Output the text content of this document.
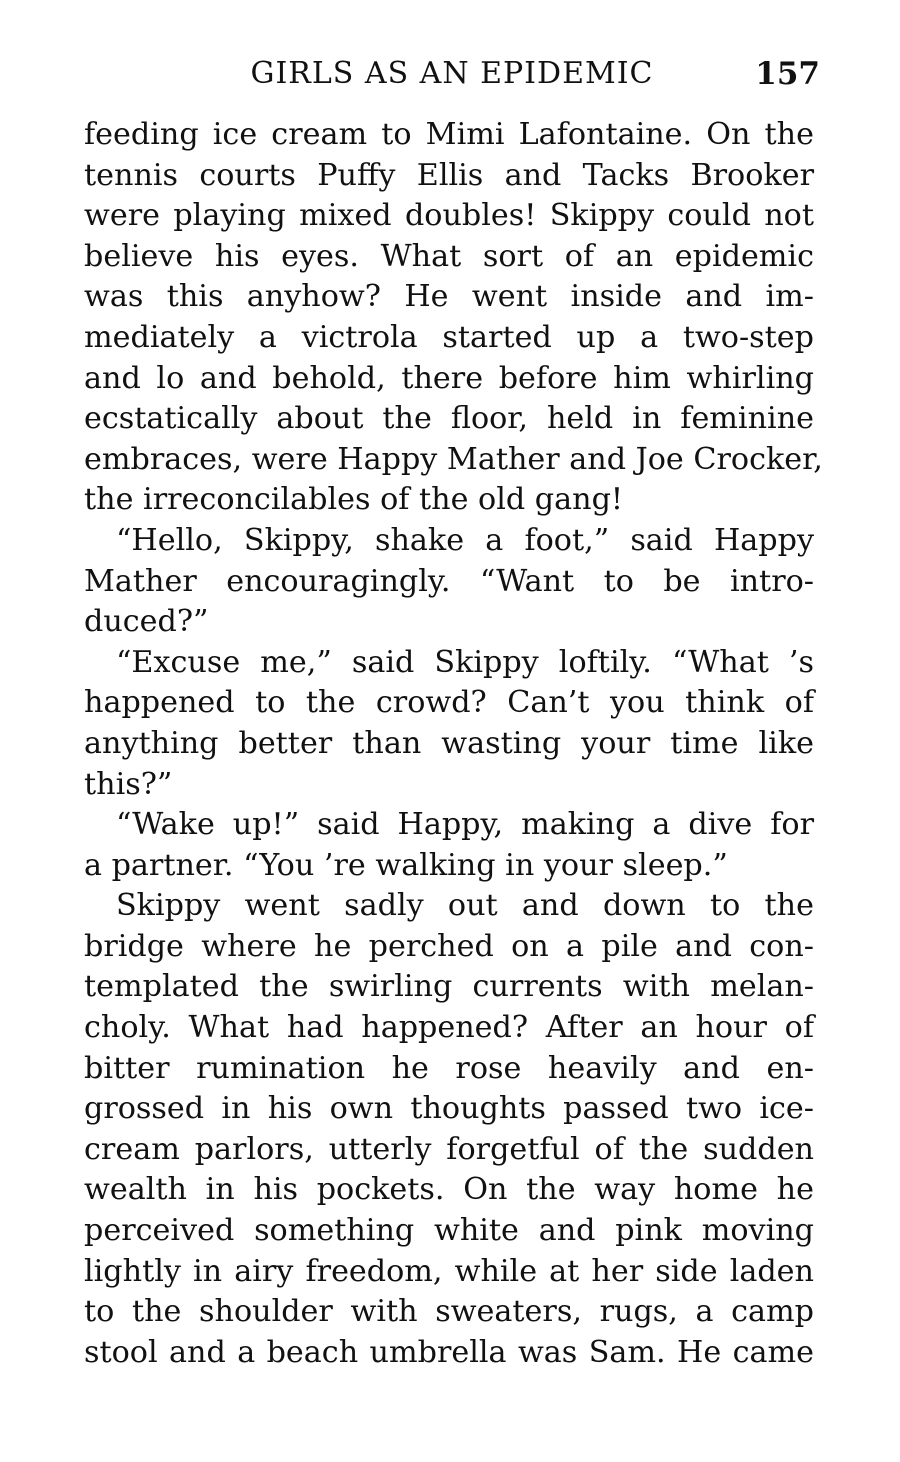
GIRLS AS AN EPIDEMIC	157
feeding ice cream to Mimi Lafontaine. On the
tennis courts Puffy Ellis and Tacks Brooker
were playing mixed doubles! Skippy could not
believe his eyes. What sort of an epidemic
was this anyhow? He went inside and im-
mediately a victrola started up a two-step
and lo and behold, there before him whirling
ecstatically about the floor, held in feminine
embraces, were Happy Mather and Joe Crocker,
the irreconcilables of the old gang!
“Hello, Skippy, shake a foot,” said Happy
Mather encouragingly. “Want to be intro-
duced?”
“Excuse me,” said Skippy loftily. “What ’s
happened to the crowd? Can’t you think of
anything better than wasting your time like
this?”
“Wake up!” said Happy, making a dive for
a partner. “You ’re walking in your sleep.”
Skippy went sadly out and down to the
bridge where he perched on a pile and con-
templated the swirling currents with melan-
choly. What had happened? After an hour of
bitter rumination he rose heavily and en-
grossed in his own thoughts passed two ice-
cream parlors, utterly forgetful of the sudden
wealth in his pockets. On the way home he
perceived something white and pink moving
lightly in airy freedom, while at her side laden
to the shoulder with sweaters, rugs, a camp
stool and a beach umbrella was Sam. He came
